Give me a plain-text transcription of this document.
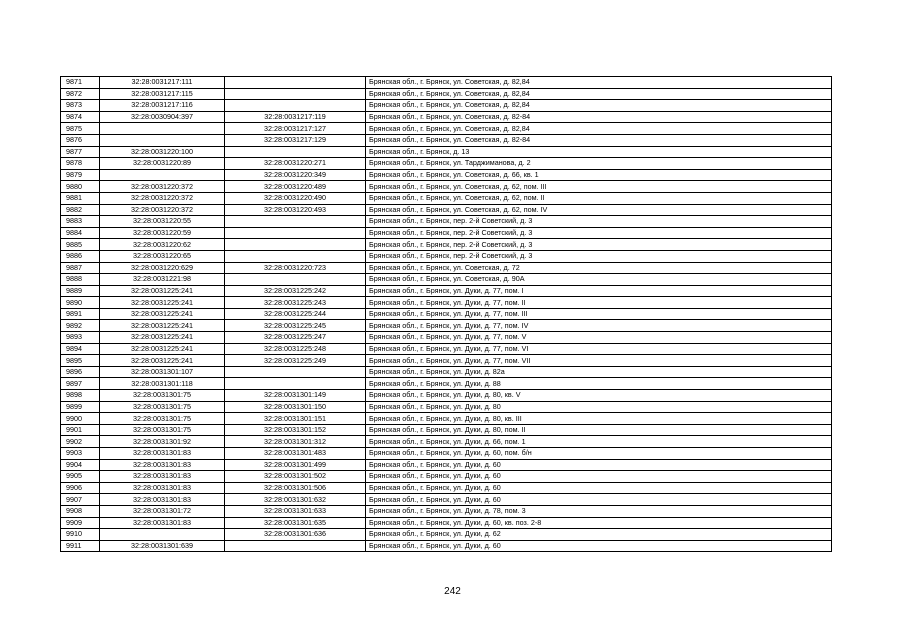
9871	32:28:0031217:111		Брянская обл., г. Брянск, ул. Советская, д. 82,84
9872	32:28:0031217:115		Брянская обл., г. Брянск, ул. Советская, д. 82,84
9873	32:28:0031217:116		Брянская обл., г. Брянск, ул. Советская, д. 82,84
9874	32:28:0030904:397	32:28:0031217:119	Брянская обл., г. Брянск, ул. Советская, д. 82-84
9875		32:28:0031217:127	Брянская обл., г. Брянск, ул. Советская, д. 82,84
9876		32:28:0031217:129	Брянская обл., г. Брянск, ул. Советская, д. 82-84
9877	32:28:0031220:100		Брянская обл., г. Брянск, д. 13
9878	32:28:0031220:89	32:28:0031220:271	Брянская обл., г. Брянск, ул. Тарджиманова, д. 2
9879		32:28:0031220:349	Брянская обл., г. Брянск, ул. Советская, д. 66, кв. 1
9880	32:28:0031220:372	32:28:0031220:489	Брянская обл., г. Брянск, ул. Советская, д. 62, пом. III
9881	32:28:0031220:372	32:28:0031220:490	Брянская обл., г. Брянск, ул. Советская, д. 62, пом. II
9882	32:28:0031220:372	32:28:0031220:493	Брянская обл., г. Брянск, ул. Советская, д. 62, пом. IV
9883	32:28:0031220:55		Брянская обл., г. Брянск, пер. 2-й Советский, д. 3
9884	32:28:0031220:59		Брянская обл., г. Брянск, пер. 2-й Советский, д. 3
9885	32:28:0031220:62		Брянская обл., г. Брянск, пер. 2-й Советский, д. 3
9886	32:28:0031220:65		Брянская обл., г. Брянск, пер. 2-й Советский, д. 3
9887	32:28:0031220:629	32:28:0031220:723	Брянская обл., г. Брянск, ул. Советская, д. 72
9888	32:28:0031221:98		Брянская обл., г. Брянск, ул. Советская, д. 90А
9889	32:28:0031225:241	32:28:0031225:242	Брянская обл., г. Брянск, ул. Дуки, д. 77, пом. I
9890	32:28:0031225:241	32:28:0031225:243	Брянская обл., г. Брянск, ул. Дуки, д. 77, пом. II
9891	32:28:0031225:241	32:28:0031225:244	Брянская обл., г. Брянск, ул. Дуки, д. 77, пом. III
9892	32:28:0031225:241	32:28:0031225:245	Брянская обл., г. Брянск, ул. Дуки, д. 77, пом. IV
9893	32:28:0031225:241	32:28:0031225:247	Брянская обл., г. Брянск, ул. Дуки, д. 77, пом. V
9894	32:28:0031225:241	32:28:0031225:248	Брянская обл., г. Брянск, ул. Дуки, д. 77, пом. VI
9895	32:28:0031225:241	32:28:0031225:249	Брянская обл., г. Брянск, ул. Дуки, д. 77, пом. VII
9896	32:28:0031301:107		Брянская обл., г. Брянск, ул. Дуки, д. 82а
9897	32:28:0031301:118		Брянская обл., г. Брянск, ул. Дуки, д. 88
9898	32:28:0031301:75	32:28:0031301:149	Брянская обл., г. Брянск, ул. Дуки, д. 80, кв. V
9899	32:28:0031301:75	32:28:0031301:150	Брянская обл., г. Брянск, ул. Дуки, д. 80
9900	32:28:0031301:75	32:28:0031301:151	Брянская обл., г. Брянск, ул. Дуки, д. 80, кв. III
9901	32:28:0031301:75	32:28:0031301:152	Брянская обл., г. Брянск, ул. Дуки, д. 80, пом. II
9902	32:28:0031301:92	32:28:0031301:312	Брянская обл., г. Брянск, ул. Дуки, д. 66, пом. 1
9903	32:28:0031301:83	32:28:0031301:483	Брянская обл., г. Брянск, ул. Дуки, д. 60, пом. б/н
9904	32:28:0031301:83	32:28:0031301:499	Брянская обл., г. Брянск, ул. Дуки, д. 60
9905	32:28:0031301:83	32:28:0031301:502	Брянская обл., г. Брянск, ул. Дуки, д. 60
9906	32:28:0031301:83	32:28:0031301:506	Брянская обл., г. Брянск, ул. Дуки, д. 60
9907	32:28:0031301:83	32:28:0031301:632	Брянская обл., г. Брянск, ул. Дуки, д. 60
9908	32:28:0031301:72	32:28:0031301:633	Брянская обл., г. Брянск, ул. Дуки, д. 78, пом. 3
9909	32:28:0031301:83	32:28:0031301:635	Брянская обл., г. Брянск, ул. Дуки, д. 60, кв. поз. 2-8
9910		32:28:0031301:636	Брянская обл., г. Брянск, ул. Дуки, д. 62
9911	32:28:0031301:639		Брянская обл., г. Брянск, ул. Дуки, д. 60
242
